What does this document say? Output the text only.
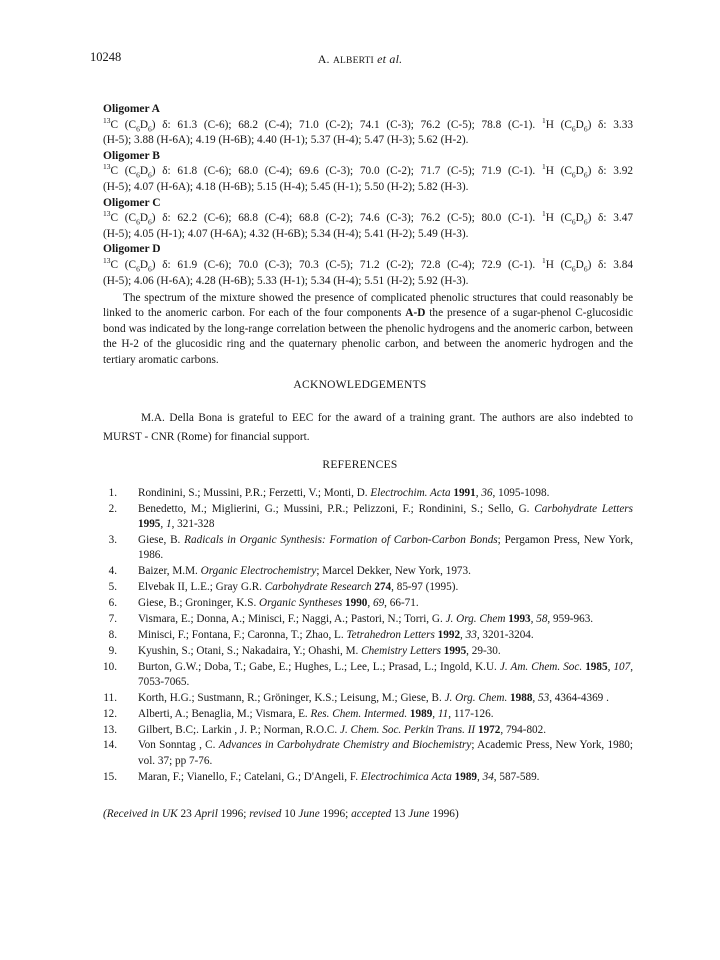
10248	A. ALBERTI et al.
Oligomer A
$^{13}$C $(C_6D_6)$ δ: 61.3 (C-6); 68.2 (C-4); 71.0 (C-2); 74.1 (C-3); 76.2 (C-5); 78.8 (C-1). $^1$H $(C_6D_6)$ δ: 3.33
(H-5); 3.88 (H-6A); 4.19 (H-6B); 4.40 (H-1); 5.37 (H-4); 5.47 (H-3); 5.62 (H-2).
Oligomer B
$^{13}$C $(C_6D_6)$ δ: 61.8 (C-6); 68.0 (C-4); 69.6 (C-3); 70.0 (C-2); 71.7 (C-5); 71.9 (C-1). $^1$H $(C_6D_6)$ δ: 3.92
(H-5); 4.07 (H-6A); 4.18 (H-6B); 5.15 (H-4); 5.45 (H-1); 5.50 (H-2); 5.82 (H-3).
Oligomer C
$^{13}$C $(C_6D_6)$ δ: 62.2 (C-6); 68.8 (C-4); 68.8 (C-2); 74.6 (C-3); 76.2 (C-5); 80.0 (C-1). $^1$H $(C_6D_6)$ δ: 3.47
(H-5); 4.05 (H-1); 4.07 (H-6A); 4.32 (H-6B); 5.34 (H-4); 5.41 (H-2); 5.49 (H-3).
Oligomer D
$^{13}$C $(C_6D_6)$ δ: 61.9 (C-6); 70.0 (C-3); 70.3 (C-5); 71.2 (C-2); 72.8 (C-4); 72.9 (C-1). $^1$H $(C_6D_6)$ δ: 3.84
(H-5); 4.06 (H-6A); 4.28 (H-6B); 5.33 (H-1); 5.34 (H-4); 5.51 (H-2); 5.92 (H-3).
The spectrum of the mixture showed the presence of complicated phenolic structures that could reasonably be linked to the anomeric carbon. For each of the four components A-D the presence of a sugar-phenol C-glucosidic bond was indicated by the long-range correlation between the phenolic hydrogens and the anomeric carbon, between the H-2 of the glucosidic ring and the quaternary phenolic carbon, and between the anomeric hydrogen and the tertiary aromatic carbons.
ACKNOWLEDGEMENTS
M.A. Della Bona is grateful to EEC for the award of a training grant. The authors are also indebted to MURST - CNR (Rome) for financial support.
REFERENCES
1.	Rondinini, S.; Mussini, P.R.; Ferzetti, V.; Monti, D. Electrochim. Acta 1991, 36, 1095-1098.
2.	Benedetto, M.; Miglierini, G.; Mussini, P.R.; Pelizzoni, F.; Rondinini, S.; Sello, G. Carbohydrate Letters 1995, 1, 321-328
3.	Giese, B. Radicals in Organic Synthesis: Formation of Carbon-Carbon Bonds; Pergamon Press, New York, 1986.
4.	Baizer, M.M. Organic Electrochemistry; Marcel Dekker, New York, 1973.
5.	Elvebak II, L.E.; Gray G.R. Carbohydrate Research 274, 85-97 (1995).
6.	Giese, B.; Groninger, K.S. Organic Syntheses 1990, 69, 66-71.
7.	Vismara, E.; Donna, A.; Minisci, F.; Naggi, A.; Pastori, N.; Torri, G. J. Org. Chem 1993, 58, 959-963.
8.	Minisci, F.; Fontana, F.; Caronna, T.; Zhao, L. Tetrahedron Letters 1992, 33, 3201-3204.
9.	Kyushin, S.; Otani, S.; Nakadaira, Y.; Ohashi, M. Chemistry Letters 1995, 29-30.
10.	Burton, G.W.; Doba, T.; Gabe, E.; Hughes, L.; Lee, L.; Prasad, L.; Ingold, K.U. J. Am. Chem. Soc. 1985, 107, 7053-7065.
11.	Korth, H.G.; Sustmann, R.; Gröninger, K.S.; Leisung, M.; Giese, B. J. Org. Chem. 1988, 53, 4364-4369 .
12.	Alberti, A.; Benaglia, M.; Vismara, E. Res. Chem. Intermed. 1989, 11, 117-126.
13.	Gilbert, B.C;. Larkin , J. P.; Norman, R.O.C. J. Chem. Soc. Perkin Trans. II 1972, 794-802.
14.	Von Sonntag , C. Advances in Carbohydrate Chemistry and Biochemistry; Academic Press, New York, 1980; vol. 37; pp 7-76.
15.	Maran, F.; Vianello, F.; Catelani, G.; D'Angeli, F. Electrochimica Acta 1989, 34, 587-589.
(Received in UK 23 April 1996; revised 10 June 1996; accepted 13 June 1996)
